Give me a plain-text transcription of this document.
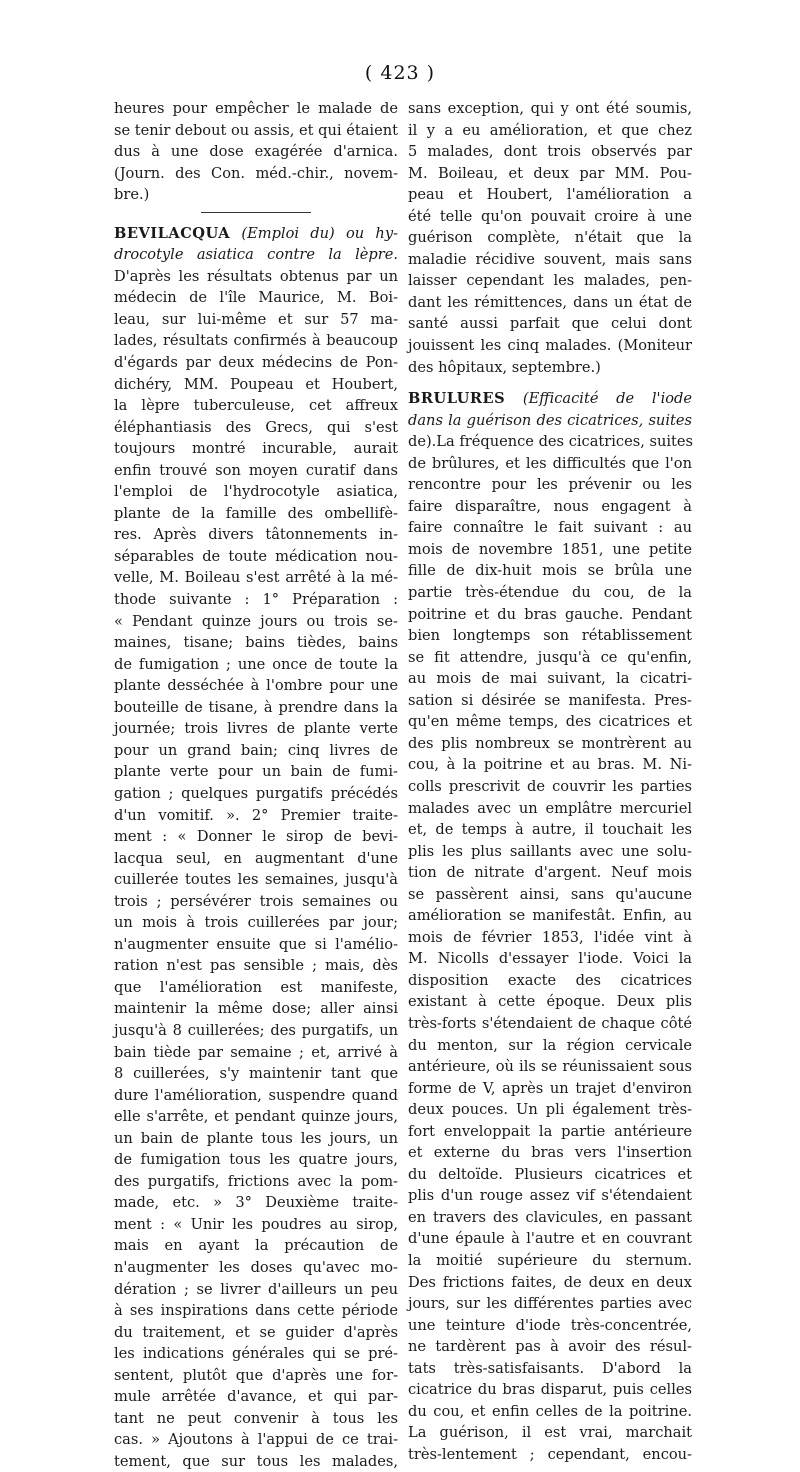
( 423 )
heures pour empêcher le malade de
se tenir debout ou assis, et qui étaient
dus à une dose exagérée d'arnica.
(Journ. des Con. méd.-chir., novem-
bre.)
BEVILACQUA (Emploi du) ou hy-
drocotyle asiatica contre la lèpre.
D'après les résultats obtenus par un
médecin de l'île Maurice, M. Boi-
leau, sur lui-même et sur 57 ma-
lades, résultats confirmés à beaucoup
d'égards par deux médecins de Pon-
dichéry, MM. Poupeau et Houbert,
la lèpre tuberculeuse, cet affreux
éléphantiasis des Grecs, qui s'est
toujours montré incurable, aurait
enfin trouvé son moyen curatif dans
l'emploi de l'hydrocotyle asiatica,
plante de la famille des ombellifè-
res. Après divers tâtonnements in-
séparables de toute médication nou-
velle, M. Boileau s'est arrêté à la mé-
thode suivante : 1° Préparation :
« Pendant quinze jours ou trois se-
maines, tisane; bains tièdes, bains
de fumigation ; une once de toute la
plante desséchée à l'ombre pour une
bouteille de tisane, à prendre dans la
journée; trois livres de plante verte
pour un grand bain; cinq livres de
plante verte pour un bain de fumi-
gation ; quelques purgatifs précédés
d'un vomitif. ». 2° Premier traite-
ment : « Donner le sirop de bevi-
lacqua seul, en augmentant d'une
cuillerée toutes les semaines, jusqu'à
trois ; persévérer trois semaines ou
un mois à trois cuillerées par jour;
n'augmenter ensuite que si l'amélio-
ration n'est pas sensible ; mais, dès
que l'amélioration est manifeste,
maintenir la même dose; aller ainsi
jusqu'à 8 cuillerées; des purgatifs, un
bain tiède par semaine ; et, arrivé à
8 cuillerées, s'y maintenir tant que
dure l'amélioration, suspendre quand
elle s'arrête, et pendant quinze jours,
un bain de plante tous les jours, un
de fumigation tous les quatre jours,
des purgatifs, frictions avec la pom-
made, etc. » 3° Deuxième traite-
ment : « Unir les poudres au sirop,
mais en ayant la précaution de
n'augmenter les doses qu'avec mo-
dération ; se livrer d'ailleurs un peu
à ses inspirations dans cette période
du traitement, et se guider d'après
les indications générales qui se pré-
sentent, plutôt que d'après une for-
mule arrêtée d'avance, et qui par-
tant ne peut convenir à tous les
cas. » Ajoutons à l'appui de ce trai-
tement, que sur tous les malades,
sans exception, qui y ont été soumis,
il y a eu amélioration, et que chez
5 malades, dont trois observés par
M. Boileau, et deux par MM. Pou-
peau et Houbert, l'amélioration a
été telle qu'on pouvait croire à une
guérison complète, n'était que la
maladie récidive souvent, mais sans
laisser cependant les malades, pen-
dant les rémittences, dans un état de
santé aussi parfait que celui dont
jouissent les cinq malades. (Moniteur
des hôpitaux, septembre.)
BRULURES (Efficacité de l'iode
dans la guérison des cicatrices, suites
de).La fréquence des cicatrices, suites
de brûlures, et les difficultés que l'on
rencontre pour les prévenir ou les
faire disparaître, nous engagent à
faire connaître le fait suivant : au
mois de novembre 1851, une petite
fille de dix-huit mois se brûla une
partie très-étendue du cou, de la
poitrine et du bras gauche. Pendant
bien longtemps son rétablissement
se fit attendre, jusqu'à ce qu'enfin,
au mois de mai suivant, la cicatri-
sation si désirée se manifesta. Pres-
qu'en même temps, des cicatrices et
des plis nombreux se montrèrent au
cou, à la poitrine et au bras. M. Ni-
colls prescrivit de couvrir les parties
malades avec un emplâtre mercuriel
et, de temps à autre, il touchait les
plis les plus saillants avec une solu-
tion de nitrate d'argent. Neuf mois
se passèrent ainsi, sans qu'aucune
amélioration se manifestât. Enfin, au
mois de février 1853, l'idée vint à
M. Nicolls d'essayer l'iode. Voici la
disposition exacte des cicatrices
existant à cette époque. Deux plis
très-forts s'étendaient de chaque côté
du menton, sur la région cervicale
antérieure, où ils se réunissaient sous
forme de V, après un trajet d'environ
deux pouces. Un pli également très-
fort enveloppait la partie antérieure
et externe du bras vers l'insertion
du deltoïde. Plusieurs cicatrices et
plis d'un rouge assez vif s'étendaient
en travers des clavicules, en passant
d'une épaule à l'autre et en couvrant
la moitié supérieure du sternum.
Des frictions faites, de deux en deux
jours, sur les différentes parties avec
une teinture d'iode très-concentrée,
ne tardèrent pas à avoir des résul-
tats très-satisfaisants. D'abord la
cicatrice du bras disparut, puis celles
du cou, et enfin celles de la poitrine.
La guérison, il est vrai, marchait
très-lentement ; cependant, encou-
